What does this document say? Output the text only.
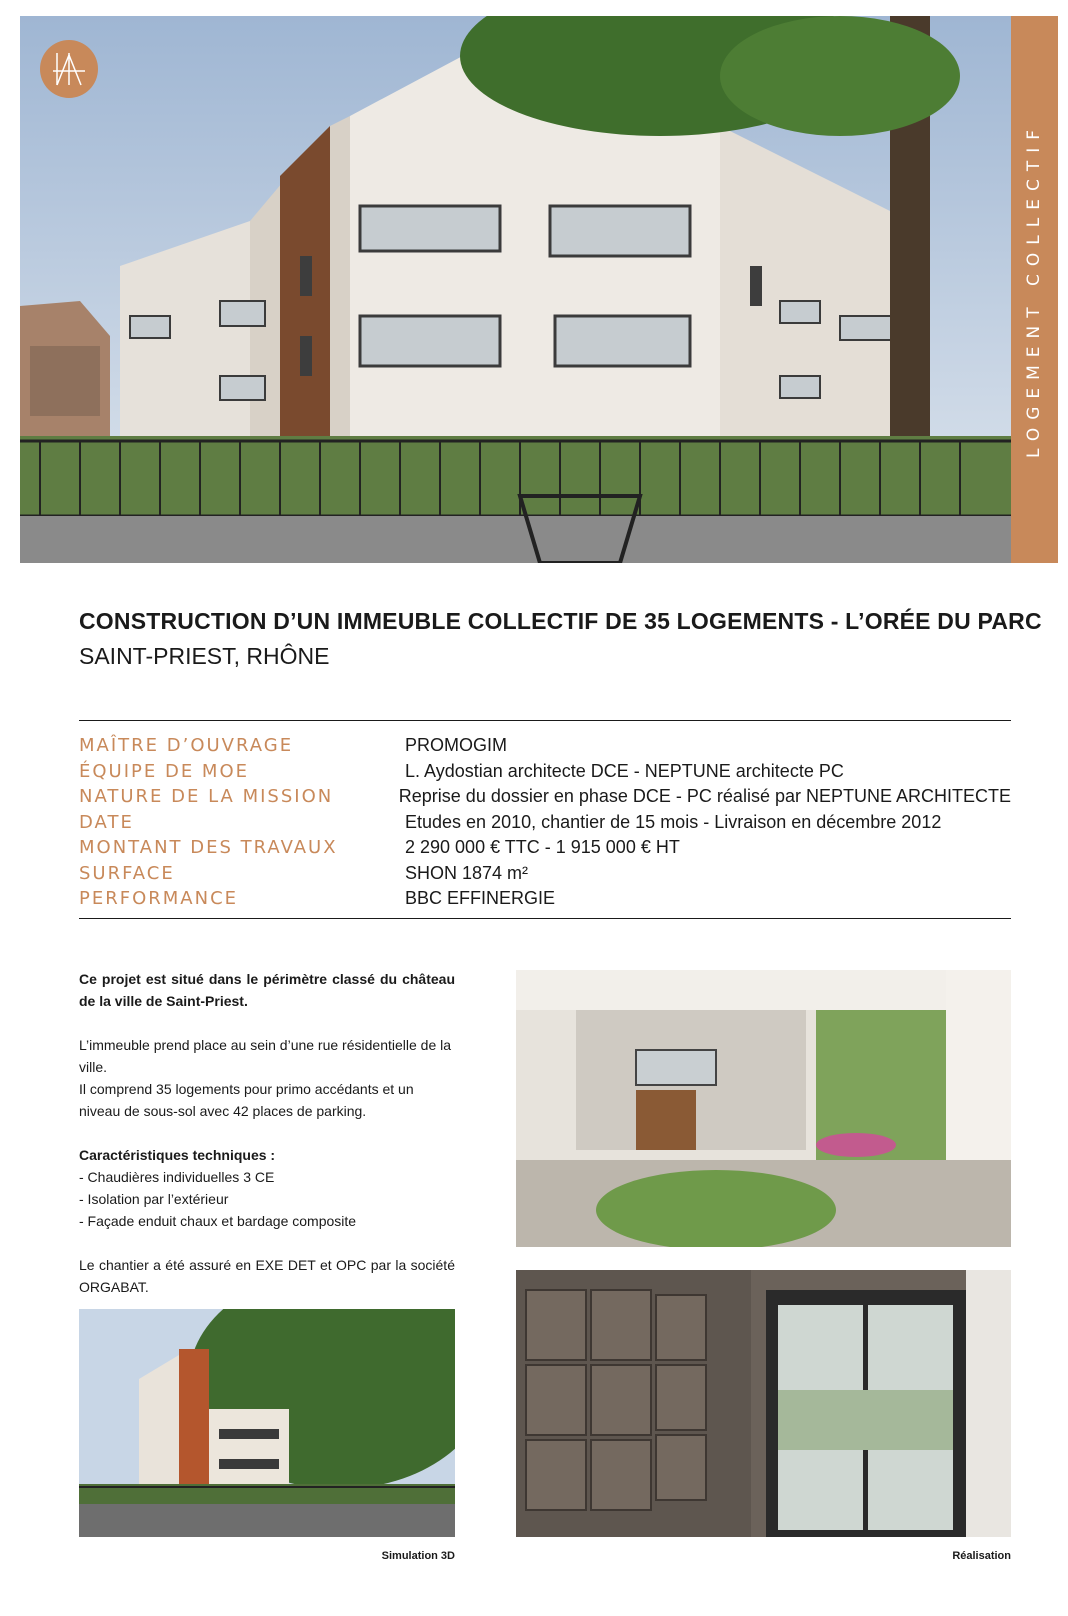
LOGEMENT COLLECTIF
CONSTRUCTION D’UN IMMEUBLE COLLECTIF DE 35 LOGEMENTS - L’ORÉE DU PARC
SAINT-PRIEST, RHÔNE
MAÎTRE D’OUVRAGE	PROMOGIM
ÉQUIPE DE MOE	L. Aydostian architecte DCE - NEPTUNE architecte PC
NATURE DE LA MISSION	Reprise du dossier en phase DCE - PC réalisé par NEPTUNE ARCHITECTE
DATE	Etudes en 2010, chantier de 15 mois - Livraison en décembre 2012
MONTANT DES TRAVAUX	2 290 000 € TTC - 1 915 000 € HT
SURFACE	SHON 1874 m²
PERFORMANCE	BBC EFFINERGIE

Ce projet est situé dans le périmètre classé du château de la ville de Saint-Priest.

L’immeuble prend place au sein d’une rue résidentielle de la ville.
Il comprend 35 logements pour primo accédants et un niveau de sous-sol avec 42 places de parking.

Caractéristiques techniques :
- Chaudières individuelles 3 CE
- Isolation par l’extérieur
- Façade enduit chaux et bardage composite

Le chantier a été assuré en EXE DET et OPC par la société ORGABAT.

Simulation 3D	Réalisation
